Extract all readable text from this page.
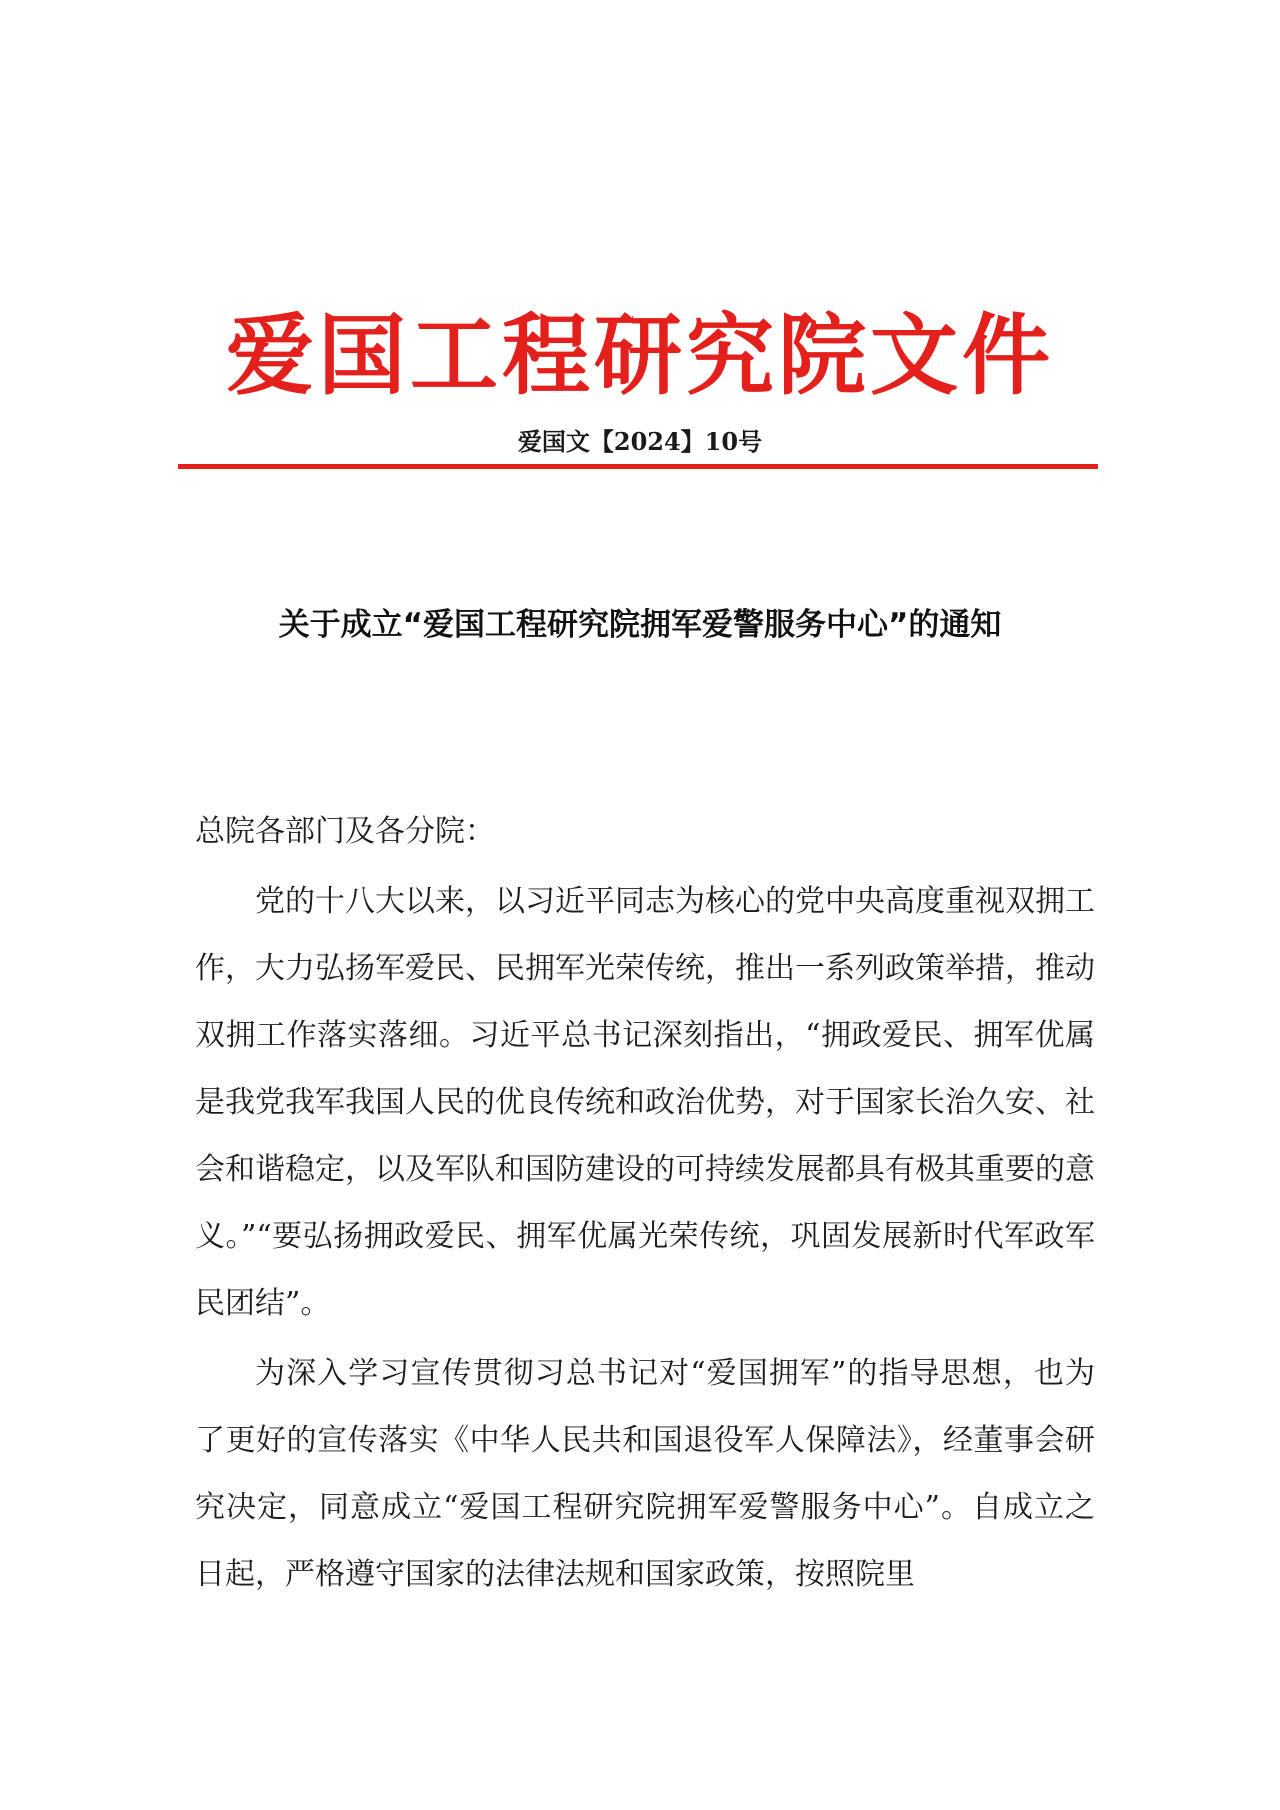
爱国工程研究院文件
爱国文【2024】10号
关于成立“爱国工程研究院拥军爱警服务中心”的通知
总院各部门及各分院：

党的十八大以来，以习近平同志为核心的党中央高度重视双拥工作，大力弘扬军爱民、民拥军光荣传统，推出一系列政策举措，推动双拥工作落实落细。习近平总书记深刻指出，“拥政爱民、拥军优属是我党我军我国人民的优良传统和政治优势，对于国家长治久安、社会和谐稳定，以及军队和国防建设的可持续发展都具有极其重要的意义。”“要弘扬拥政爱民、拥军优属光荣传统，巩固发展新时代军政军民团结”。

为深入学习宣传贯彻习总书记对“爱国拥军”的指导思想，也为了更好的宣传落实《中华人民共和国退役军人保障法》，经董事会研究决定，同意成立“爱国工程研究院拥军爱警服务中心”。自成立之日起，严格遵守国家的法律法规和国家政策，按照院里
